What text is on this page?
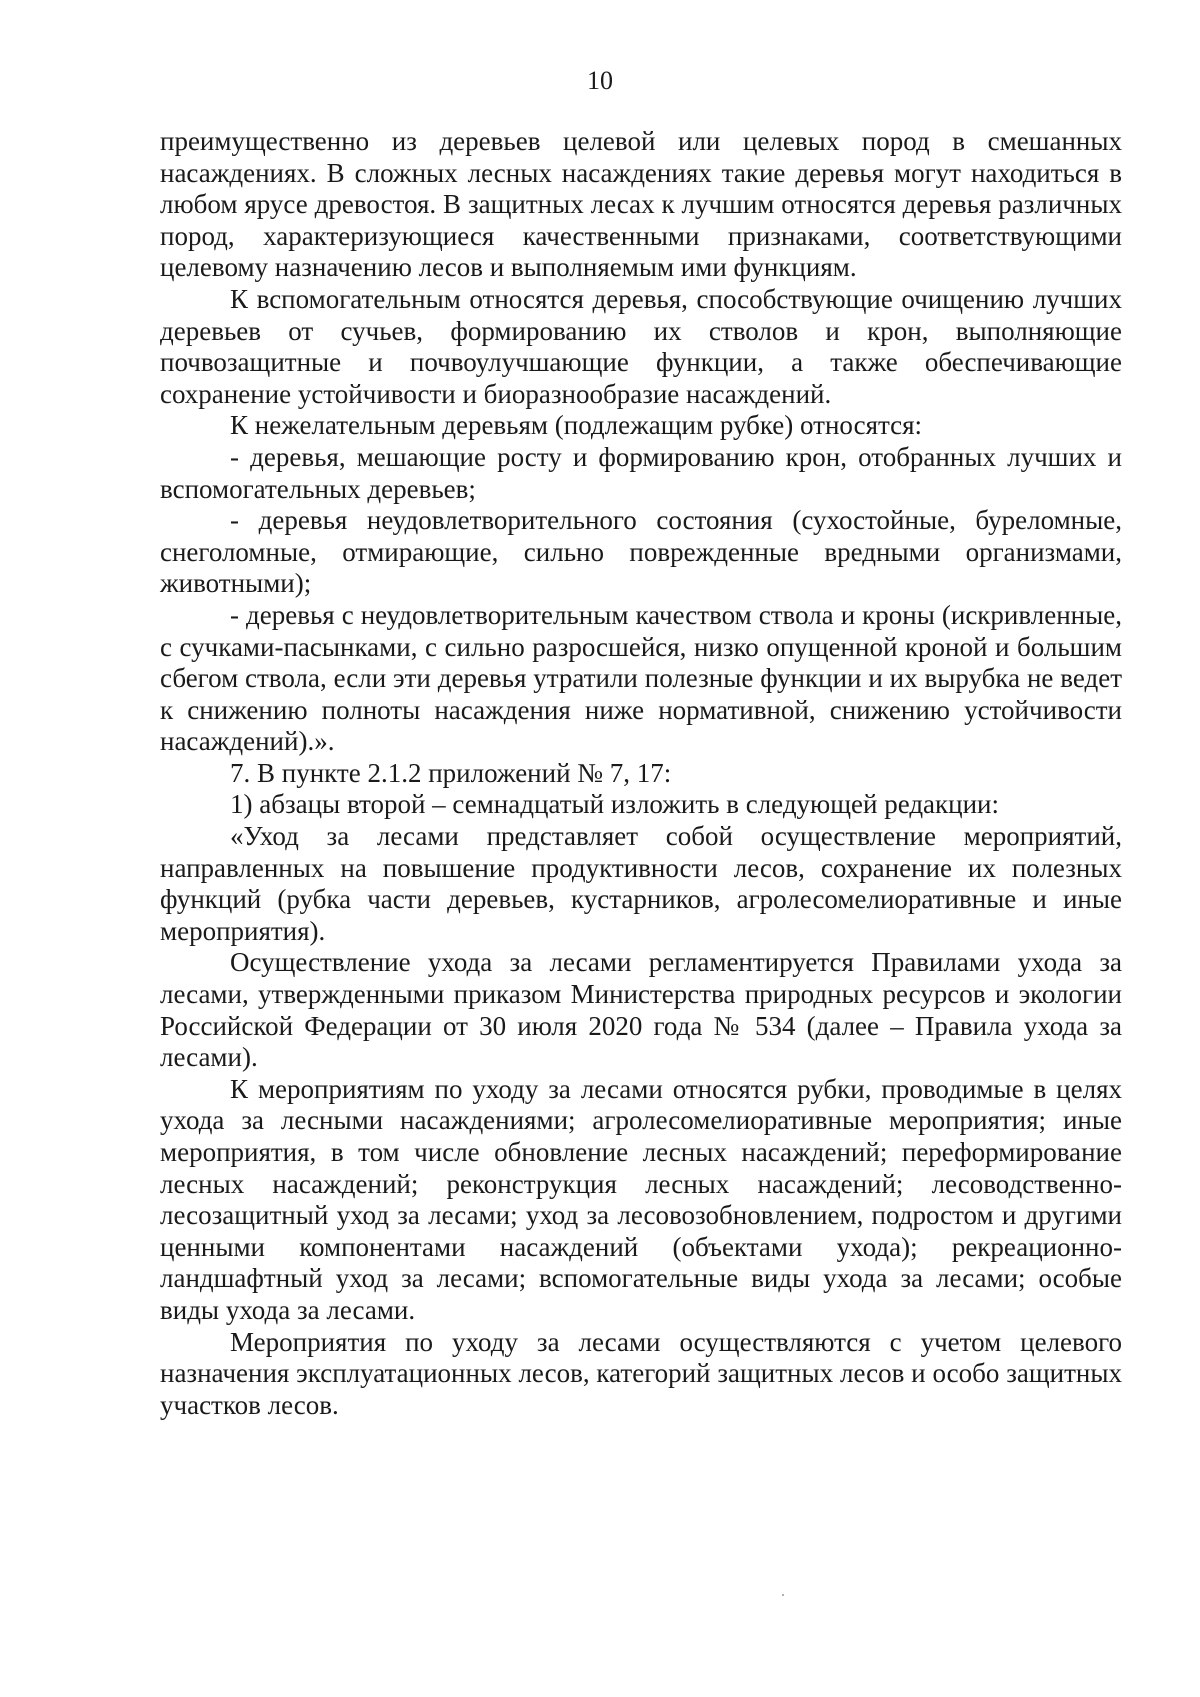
10

преимущественно из деревьев целевой или целевых пород в смешанных насаждениях. В сложных лесных насаждениях такие деревья могут находиться в любом ярусе древостоя. В защитных лесах к лучшим относятся деревья различных пород, характеризующиеся качественными признаками, соответствующими целевому назначению лесов и выполняемым ими функциям.

К вспомогательным относятся деревья, способствующие очищению лучших деревьев от сучьев, формированию их стволов и крон, выполняющие почвозащитные и почвоулучшающие функции, а также обеспечивающие сохранение устойчивости и биоразнообразие насаждений.

К нежелательным деревьям (подлежащим рубке) относятся:

- деревья, мешающие росту и формированию крон, отобранных лучших и вспомогательных деревьев;

- деревья неудовлетворительного состояния (сухостойные, буреломные, снеголомные, отмирающие, сильно поврежденные вредными организмами, животными);

- деревья с неудовлетворительным качеством ствола и кроны (искривленные, с сучками-пасынками, с сильно разросшейся, низко опущенной кроной и большим сбегом ствола, если эти деревья утратили полезные функции и их вырубка не ведет к снижению полноты насаждения ниже нормативной, снижению устойчивости насаждений).».

7. В пункте 2.1.2 приложений № 7, 17:

1) абзацы второй – семнадцатый изложить в следующей редакции:

«Уход за лесами представляет собой осуществление мероприятий, направленных на повышение продуктивности лесов, сохранение их полезных функций (рубка части деревьев, кустарников, агролесомелиоративные и иные мероприятия).

Осуществление ухода за лесами регламентируется Правилами ухода за лесами, утвержденными приказом Министерства природных ресурсов и экологии Российской Федерации от 30 июля 2020 года № 534 (далее – Правила ухода за лесами).

К мероприятиям по уходу за лесами относятся рубки, проводимые в целях ухода за лесными насаждениями; агролесомелиоративные мероприятия; иные мероприятия, в том числе обновление лесных насаждений; переформирование лесных насаждений; реконструкция лесных насаждений; лесоводственно-лесозащитный уход за лесами; уход за лесовозобновлением, подростом и другими ценными компонентами насаждений (объектами ухода); рекреационно-ландшафтный уход за лесами; вспомогательные виды ухода за лесами; особые виды ухода за лесами.

Мероприятия по уходу за лесами осуществляются с учетом целевого назначения эксплуатационных лесов, категорий защитных лесов и особо защитных участков лесов.
